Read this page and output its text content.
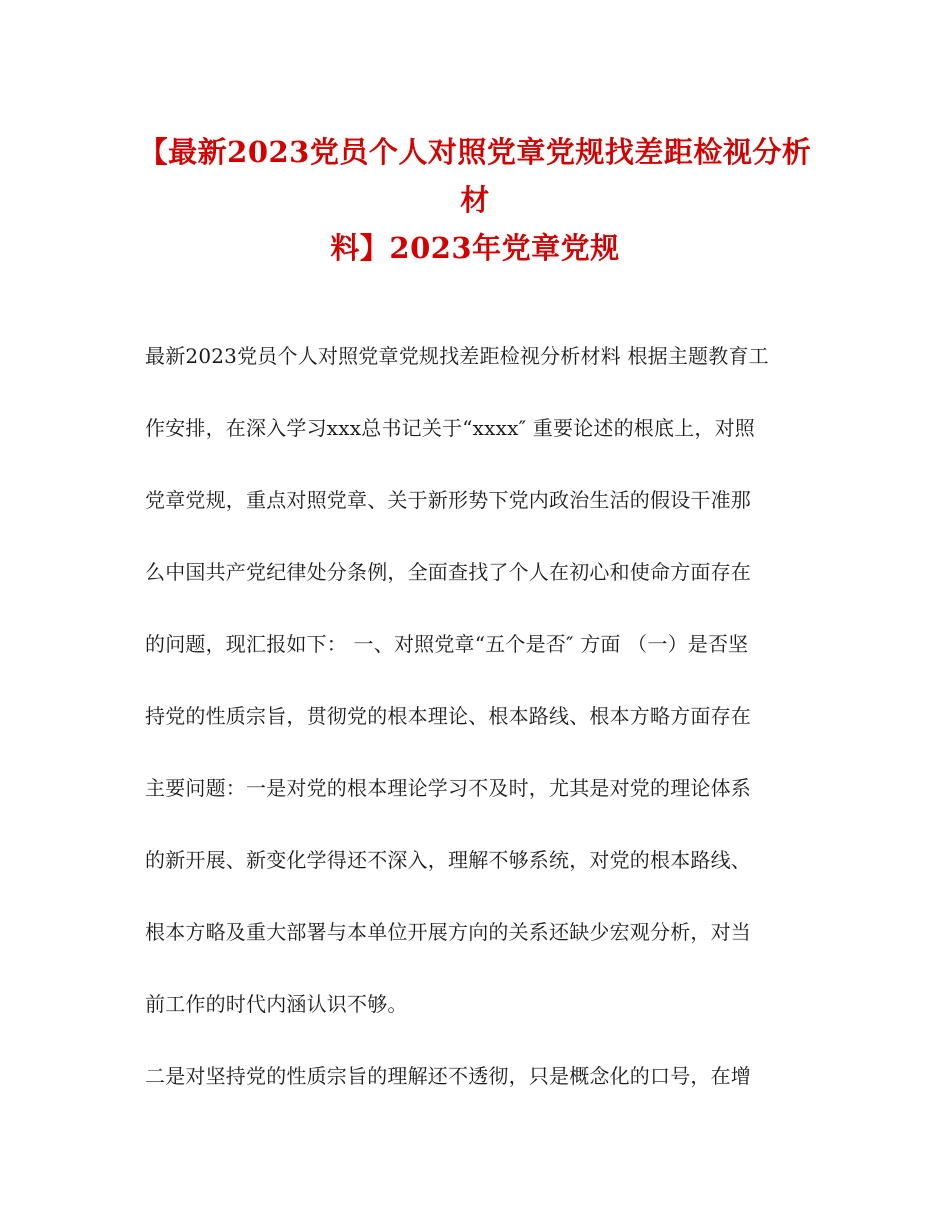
【最新2023党员个人对照党章党规找差距检视分析材
料】2023年党章党规
最新2023党员个人对照党章党规找差距检视分析材料 根据主题教育工
作安排，在深入学习xxx总书记关于“xxxx″ 重要论述的根底上，对照
党章党规，重点对照党章、关于新形势下党内政治生活的假设干准那
么中国共产党纪律处分条例，全面查找了个人在初心和使命方面存在
的问题，现汇报如下： 一、对照党章“五个是否″ 方面 （一）是否坚
持党的性质宗旨，贯彻党的根本理论、根本路线、根本方略方面存在
主要问题：一是对党的根本理论学习不及时，尤其是对党的理论体系
的新开展、新变化学得还不深入，理解不够系统，对党的根本路线、
根本方略及重大部署与本单位开展方向的关系还缺少宏观分析，对当
前工作的时代内涵认识不够。
二是对坚持党的性质宗旨的理解还不透彻，只是概念化的口号，在增
